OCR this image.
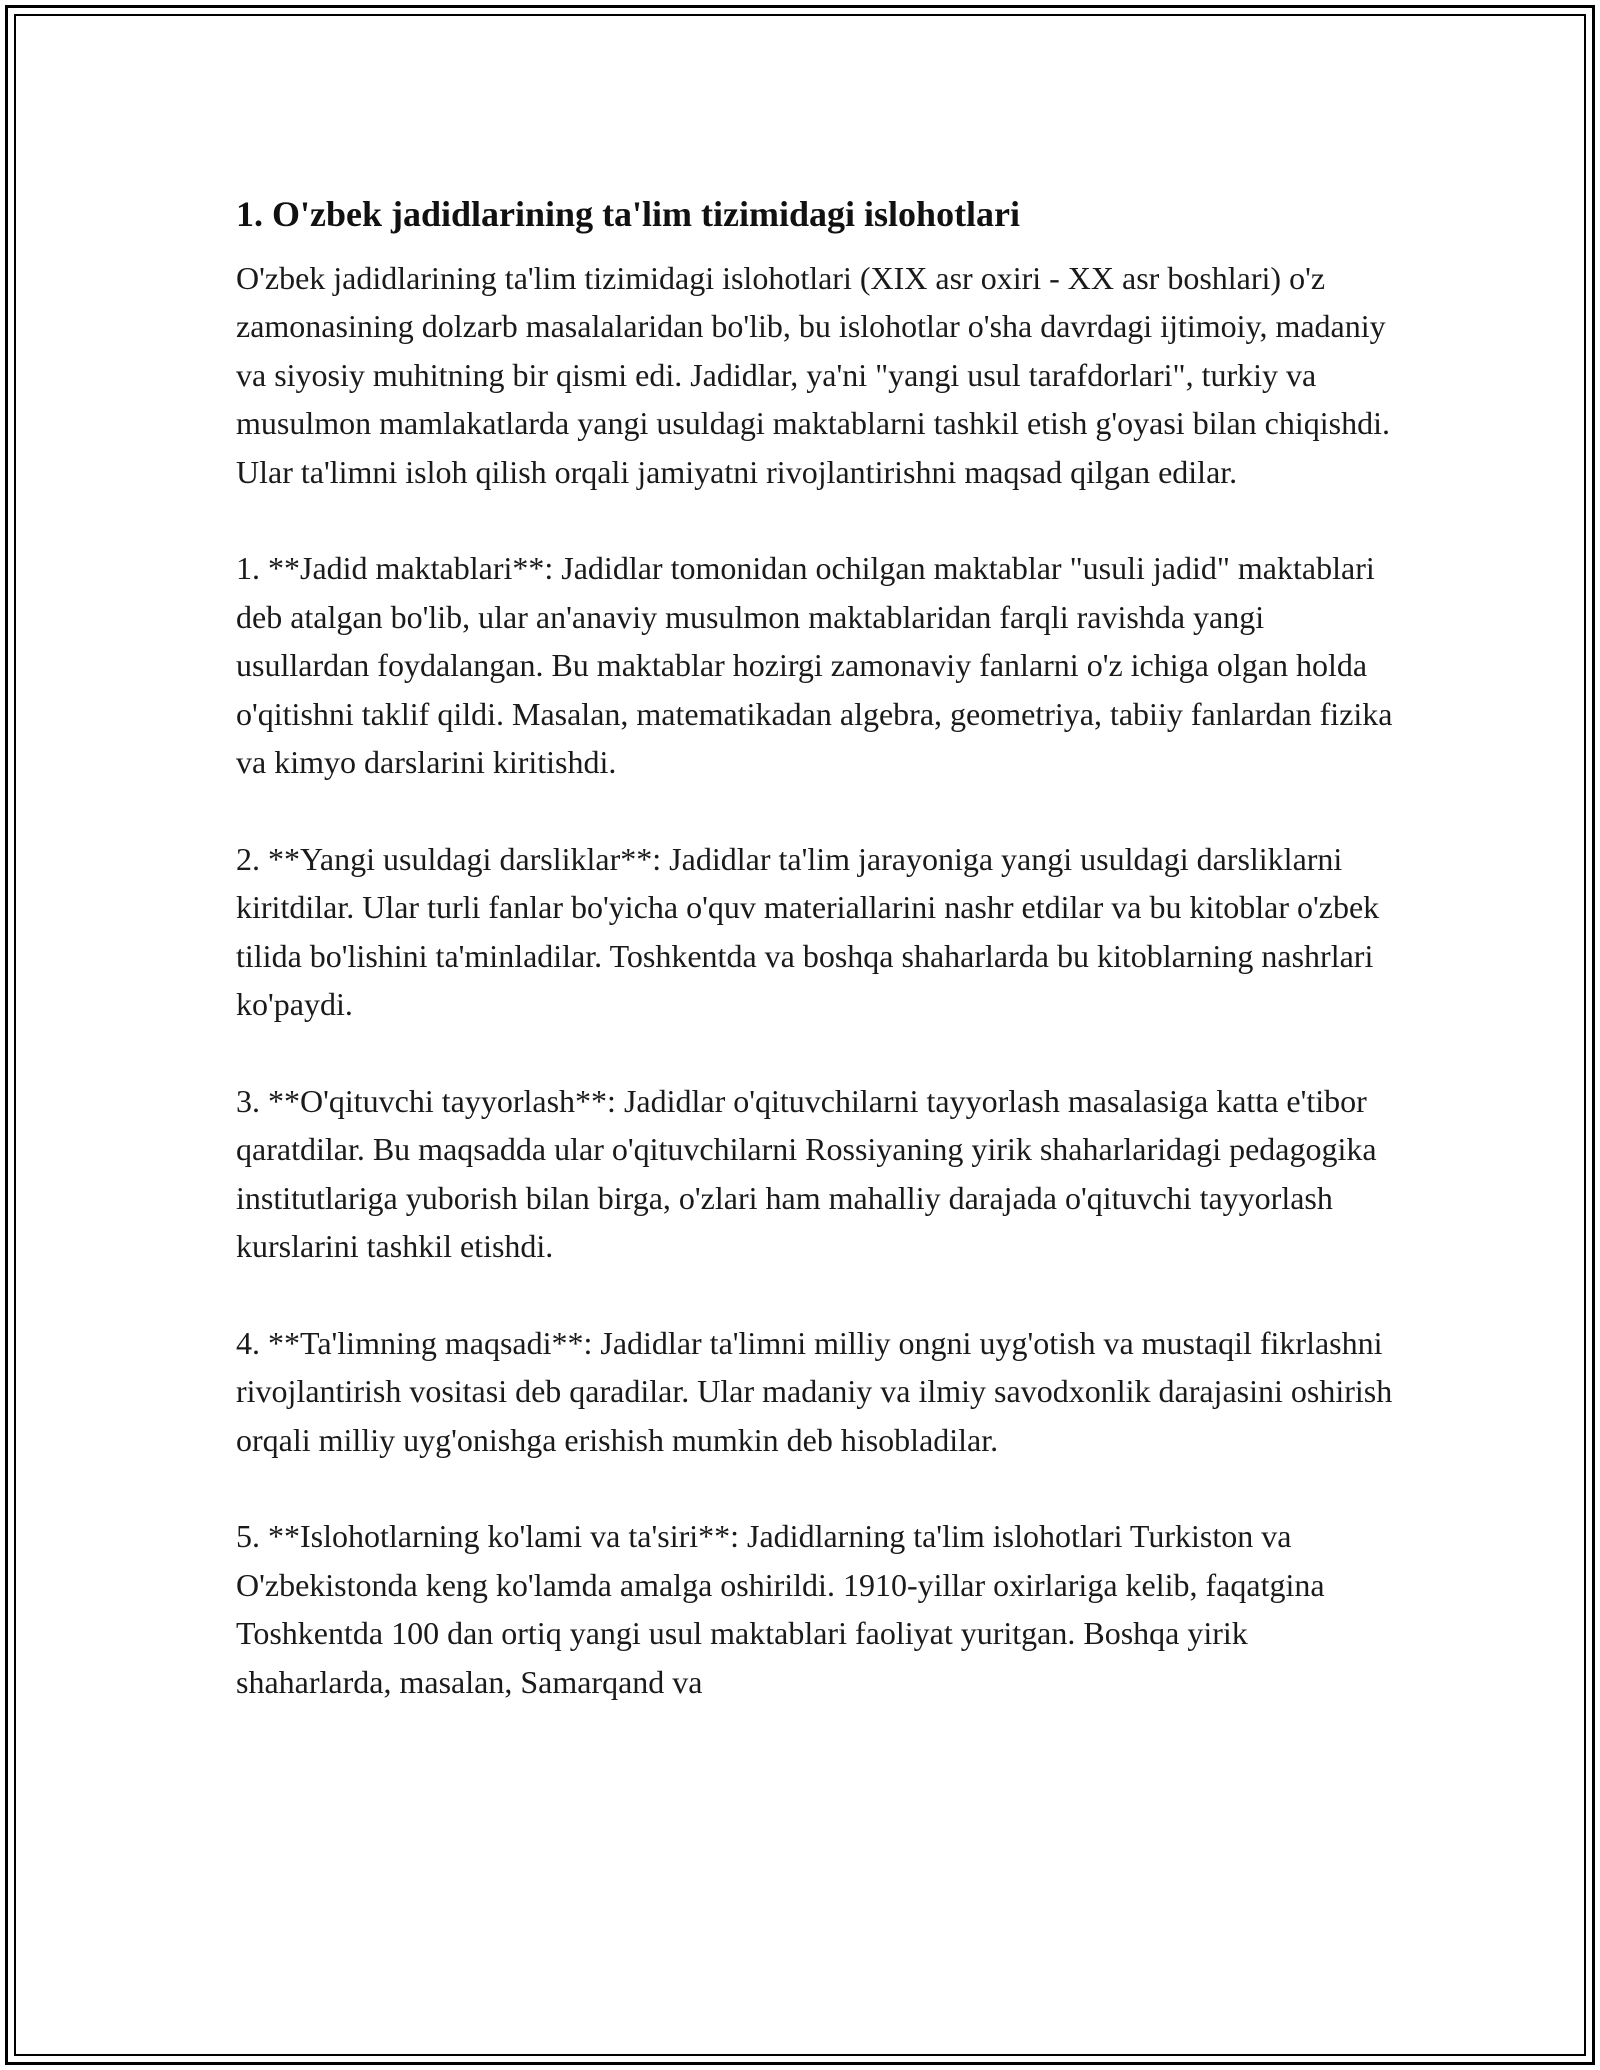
1. O'zbek jadidlarining ta'lim tizimidagi islohotlari

O'zbek jadidlarining ta'lim tizimidagi islohotlari (XIX asr oxiri - XX asr boshlari) o'z zamonasining dolzarb masalalaridan bo'lib, bu islohotlar o'sha davrdagi ijtimoiy, madaniy va siyosiy muhitning bir qismi edi. Jadidlar, ya'ni "yangi usul tarafdorlari", turkiy va musulmon mamlakatlarda yangi usuldagi maktablarni tashkil etish g'oyasi bilan chiqishdi. Ular ta'limni isloh qilish orqali jamiyatni rivojlantirishni maqsad qilgan edilar.

1. **Jadid maktablari**: Jadidlar tomonidan ochilgan maktablar "usuli jadid" maktablari deb atalgan bo'lib, ular an'anaviy musulmon maktablaridan farqli ravishda yangi usullardan foydalangan. Bu maktablar hozirgi zamonaviy fanlarni o'z ichiga olgan holda o'qitishni taklif qildi. Masalan, matematikadan algebra, geometriya, tabiiy fanlardan fizika va kimyo darslarini kiritishdi.

2. **Yangi usuldagi darsliklar**: Jadidlar ta'lim jarayoniga yangi usuldagi darsliklarni kiritdilar. Ular turli fanlar bo'yicha o'quv materiallarini nashr etdilar va bu kitoblar o'zbek tilida bo'lishini ta'minladilar. Toshkentda va boshqa shaharlarda bu kitoblarning nashrlari ko'paydi.

3. **O'qituvchi tayyorlash**: Jadidlar o'qituvchilarni tayyorlash masalasiga katta e'tibor qaratdilar. Bu maqsadda ular o'qituvchilarni Rossiyaning yirik shaharlaridagi pedagogika institutlariga yuborish bilan birga, o'zlari ham mahalliy darajada o'qituvchi tayyorlash kurslarini tashkil etishdi.

4. **Ta'limning maqsadi**: Jadidlar ta'limni milliy ongni uyg'otish va mustaqil fikrlashni rivojlantirish vositasi deb qaradilar. Ular madaniy va ilmiy savodxonlik darajasini oshirish orqali milliy uyg'onishga erishish mumkin deb hisobladilar.

5. **Islohotlarning ko'lami va ta'siri**: Jadidlarning ta'lim islohotlari Turkiston va O'zbekistonda keng ko'lamda amalga oshirildi. 1910-yillar oxirlariga kelib, faqatgina Toshkentda 100 dan ortiq yangi usul maktablari faoliyat yuritgan. Boshqa yirik shaharlarda, masalan, Samarqand va
